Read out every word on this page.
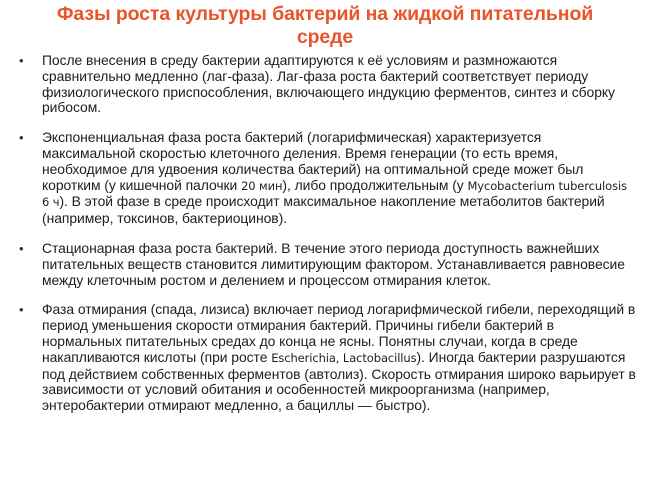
Фазы роста культуры бактерий на жидкой питательной
среде
• После внесения в среду бактерии адаптируются к её условиям и размножаются сравнительно медленно (лаг-фаза). Лаг-фаза роста бактерий соответствует периоду физиологического приспособления, включающего индукцию ферментов, синтез и сборку рибосом.
• Экспоненциальная фаза роста бактерий (логарифмическая) характеризуется максимальной скоростью клеточного деления. Время генерации (то есть время, необходимое для удвоения количества бактерий) на оптимальной среде может был коротким (у кишечной палочки 20 мин), либо продолжительным (у Mycobacterium tuberculosis 6 ч). В этой фазе в среде происходит максимальное накопление метаболитов бактерий (например, токсинов, бактериоцинов).
• Стационарная фаза роста бактерий. В течение этого периода доступность важнейших питательных веществ становится лимитирующим фактором. Устанавливается равновесие между клеточным ростом и делением и процессом отмирания клеток.
• Фаза отмирания (спада, лизиса) включает период логарифмической гибели, переходящий в период уменьшения скорости отмирания бактерий. Причины гибели бактерий в нормальных питательных средах до конца не ясны. Понятны случаи, когда в среде накапливаются кислоты (при росте Escherichia, Lactobacillus). Иногда бактерии разрушаются под действием собственных ферментов (автолиз). Скорость отмирания широко варьирует в зависимости от условий обитания и особенностей микроорганизма (например, энтеробактерии отмирают медленно, а бациллы — быстро).
